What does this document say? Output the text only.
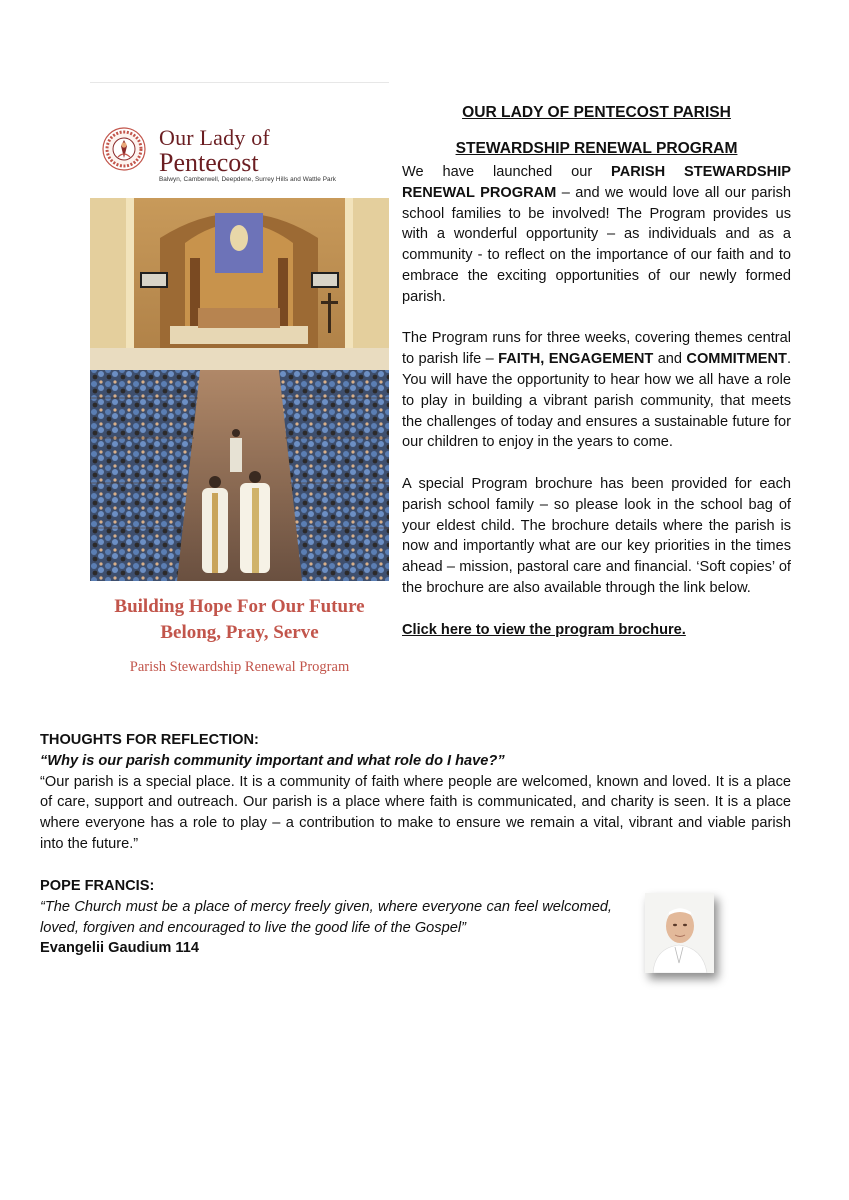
Our Lady of
Pentecost
Balwyn, Camberwell, Deepdene, Surrey Hills and Wattle Park
Building Hope For Our Future
Belong, Pray, Serve
Parish Stewardship Renewal Program
OUR LADY OF PENTECOST PARISH
STEWARDSHIP RENEWAL PROGRAM

We have launched our PARISH STEWARDSHIP RENEWAL PROGRAM – and we would love all our parish school families to be involved! The Program provides us with a wonderful opportunity – as individuals and as a community - to reflect on the importance of our faith and to embrace the exciting opportunities of our newly formed parish.

The Program runs for three weeks, covering themes central to parish life – FAITH, ENGAGEMENT and COMMITMENT. You will have the opportunity to hear how we all have a role to play in building a vibrant parish community, that meets the challenges of today and ensures a sustainable future for our children to enjoy in the years to come.

A special Program brochure has been provided for each parish school family – so please look in the school bag of your eldest child. The brochure details where the parish is now and importantly what are our key priorities in the times ahead – mission, pastoral care and financial. ‘Soft copies’ of the brochure are also available through the link below.

Click here to view the program brochure.

THOUGHTS FOR REFLECTION:
“Why is our parish community important and what role do I have?”

“Our parish is a special place. It is a community of faith where people are welcomed, known and loved. It is a place of care, support and outreach. Our parish is a place where faith is communicated, and charity is seen. It is a place where everyone has a role to play – a contribution to make to ensure we remain a vital, vibrant and viable parish into the future.”

POPE FRANCIS:

“The Church must be a place of mercy freely given, where everyone can feel welcomed, loved, forgiven and encouraged to live the good life of the Gospel”

Evangelii Gaudium 114
